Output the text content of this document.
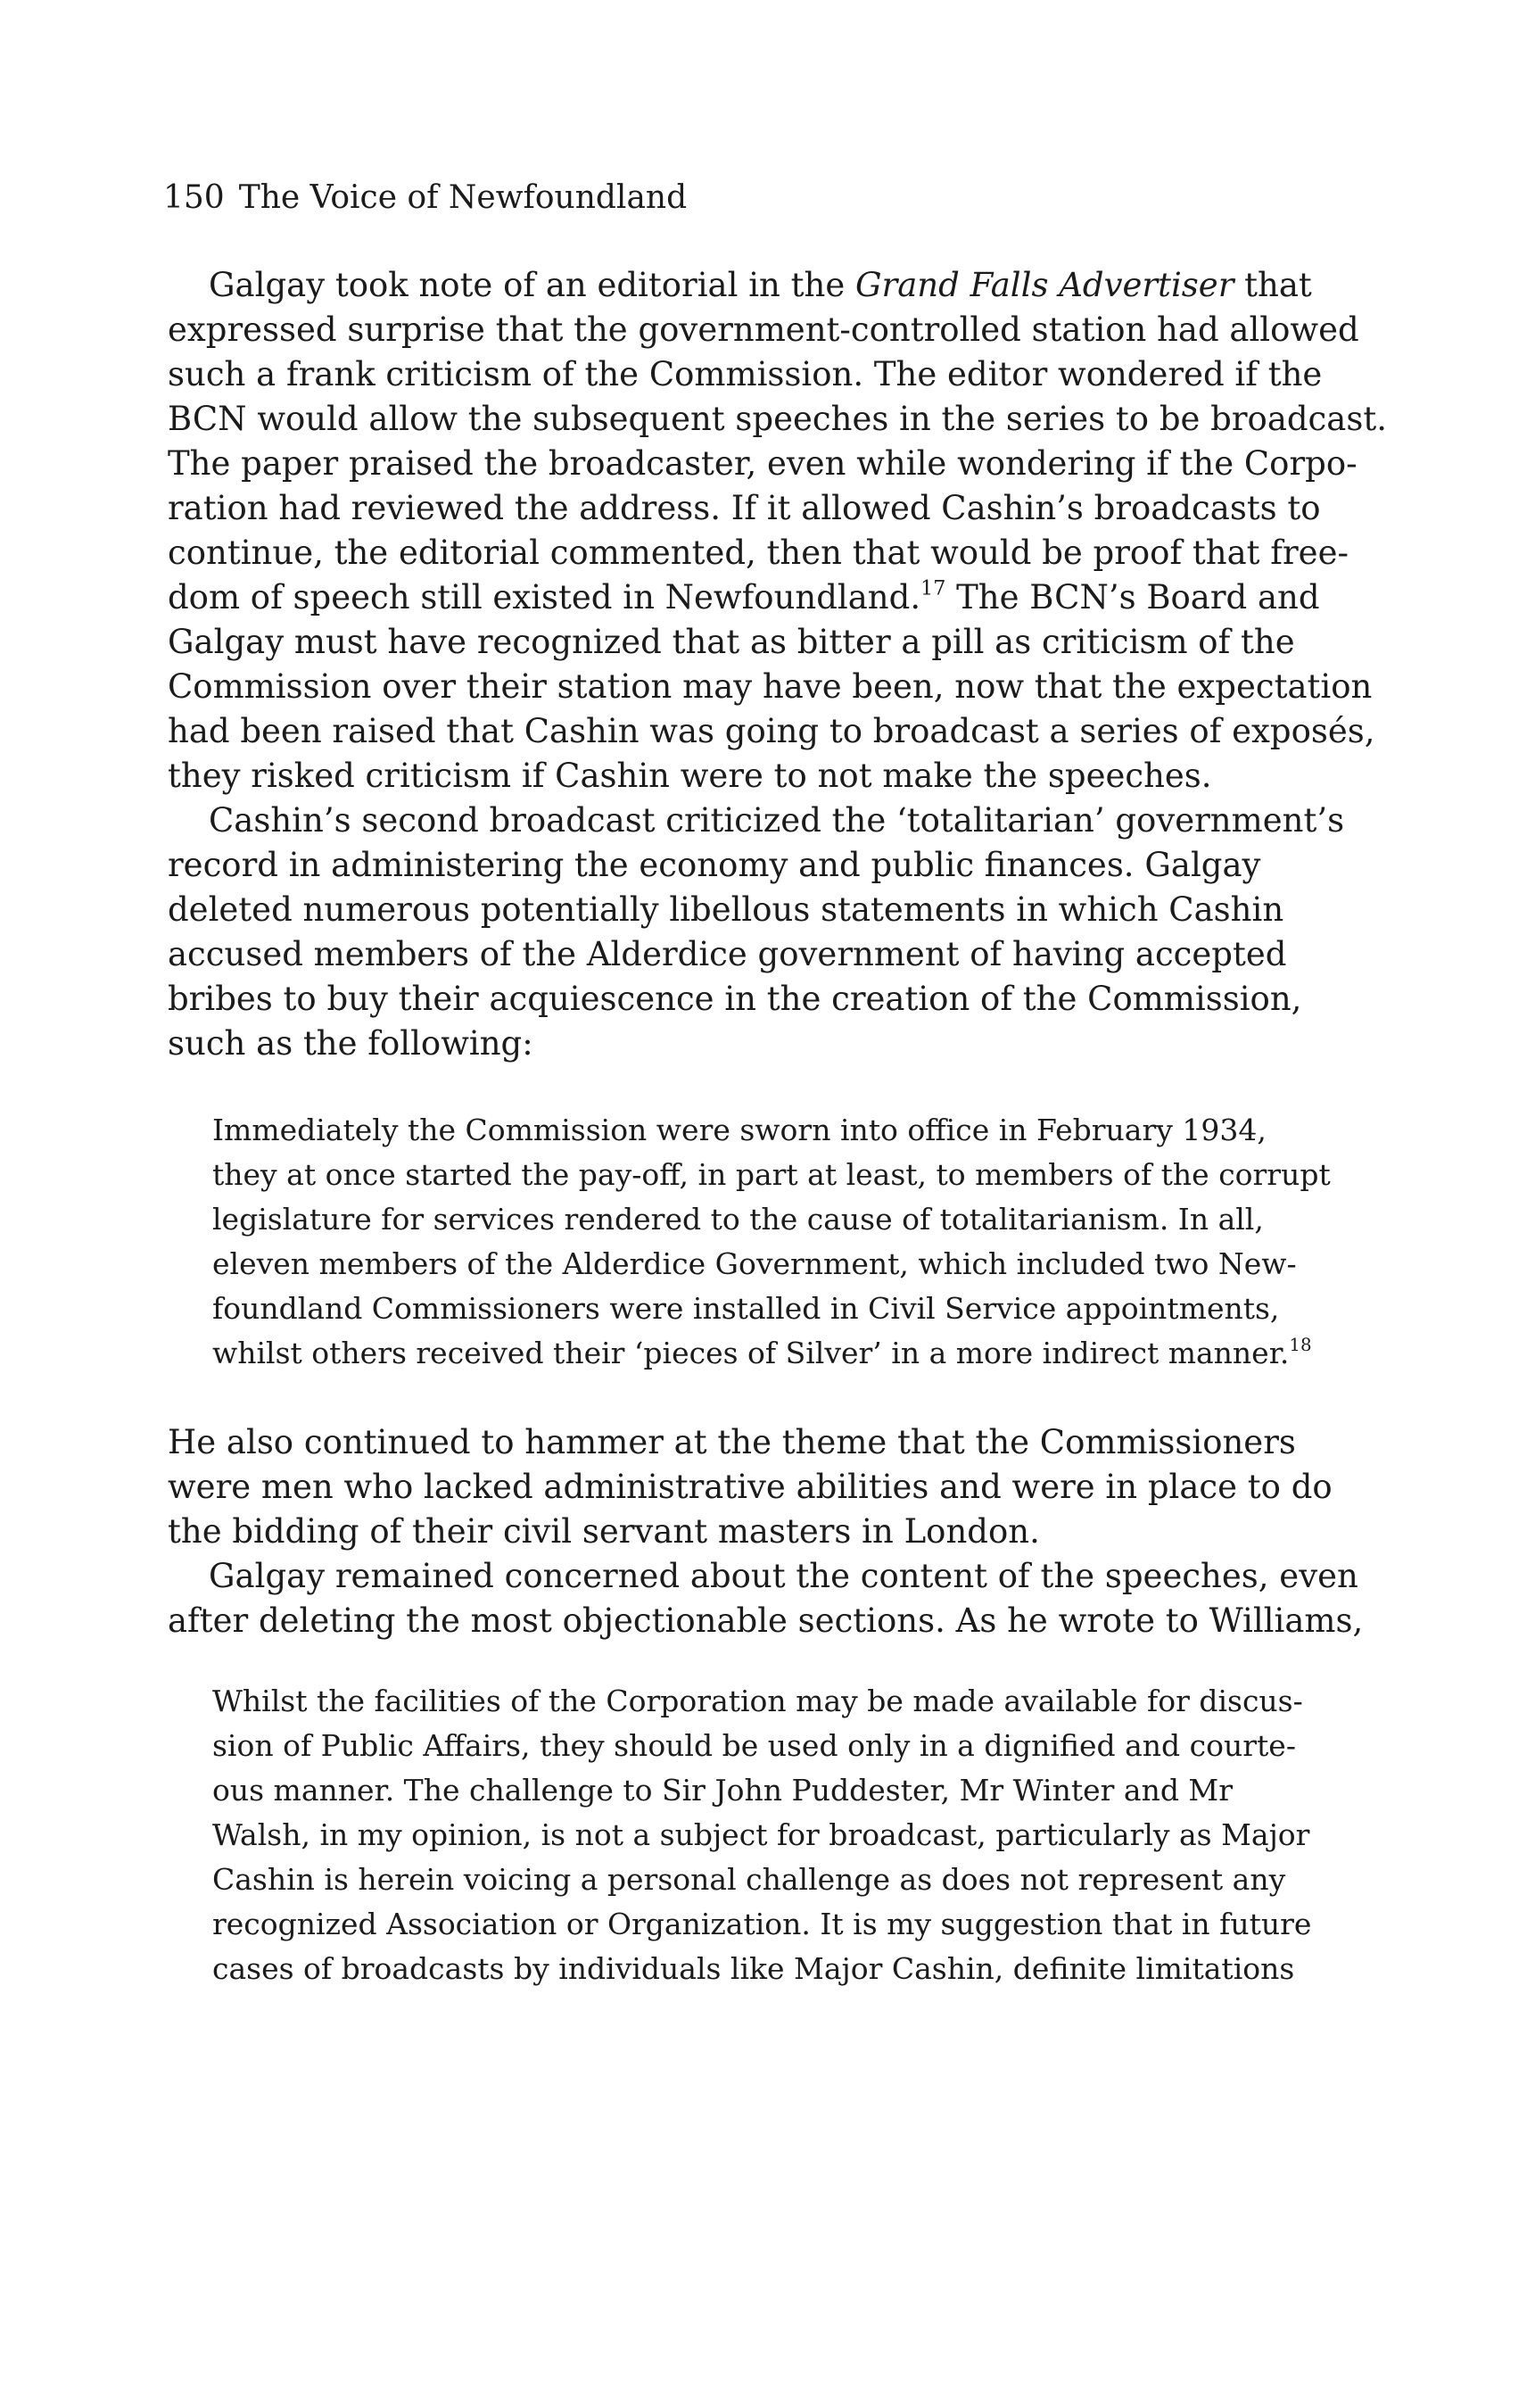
150 The Voice of Newfoundland
Galgay took note of an editorial in the Grand Falls Advertiser that
expressed surprise that the government-controlled station had allowed
such a frank criticism of the Commission. The editor wondered if the
BCN would allow the subsequent speeches in the series to be broadcast.
The paper praised the broadcaster, even while wondering if the Corpo-
ration had reviewed the address. If it allowed Cashin’s broadcasts to
continue, the editorial commented, then that would be proof that free-
dom of speech still existed in Newfoundland.$^{17}$ The BCN’s Board and
Galgay must have recognized that as bitter a pill as criticism of the
Commission over their station may have been, now that the expectation
had been raised that Cashin was going to broadcast a series of exposés,
they risked criticism if Cashin were to not make the speeches.
Cashin’s second broadcast criticized the ‘totalitarian’ government’s
record in administering the economy and public finances. Galgay
deleted numerous potentially libellous statements in which Cashin
accused members of the Alderdice government of having accepted
bribes to buy their acquiescence in the creation of the Commission,
such as the following:
Immediately the Commission were sworn into office in February 1934,
they at once started the pay-off, in part at least, to members of the corrupt
legislature for services rendered to the cause of totalitarianism. In all,
eleven members of the Alderdice Government, which included two New-
foundland Commissioners were installed in Civil Service appointments,
whilst others received their ‘pieces of Silver’ in a more indirect manner.$^{18}$
He also continued to hammer at the theme that the Commissioners
were men who lacked administrative abilities and were in place to do
the bidding of their civil servant masters in London.
Galgay remained concerned about the content of the speeches, even
after deleting the most objectionable sections. As he wrote to Williams,
Whilst the facilities of the Corporation may be made available for discus-
sion of Public Affairs, they should be used only in a dignified and courte-
ous manner. The challenge to Sir John Puddester, Mr Winter and Mr
Walsh, in my opinion, is not a subject for broadcast, particularly as Major
Cashin is herein voicing a personal challenge as does not represent any
recognized Association or Organization. It is my suggestion that in future
cases of broadcasts by individuals like Major Cashin, definite limitations
